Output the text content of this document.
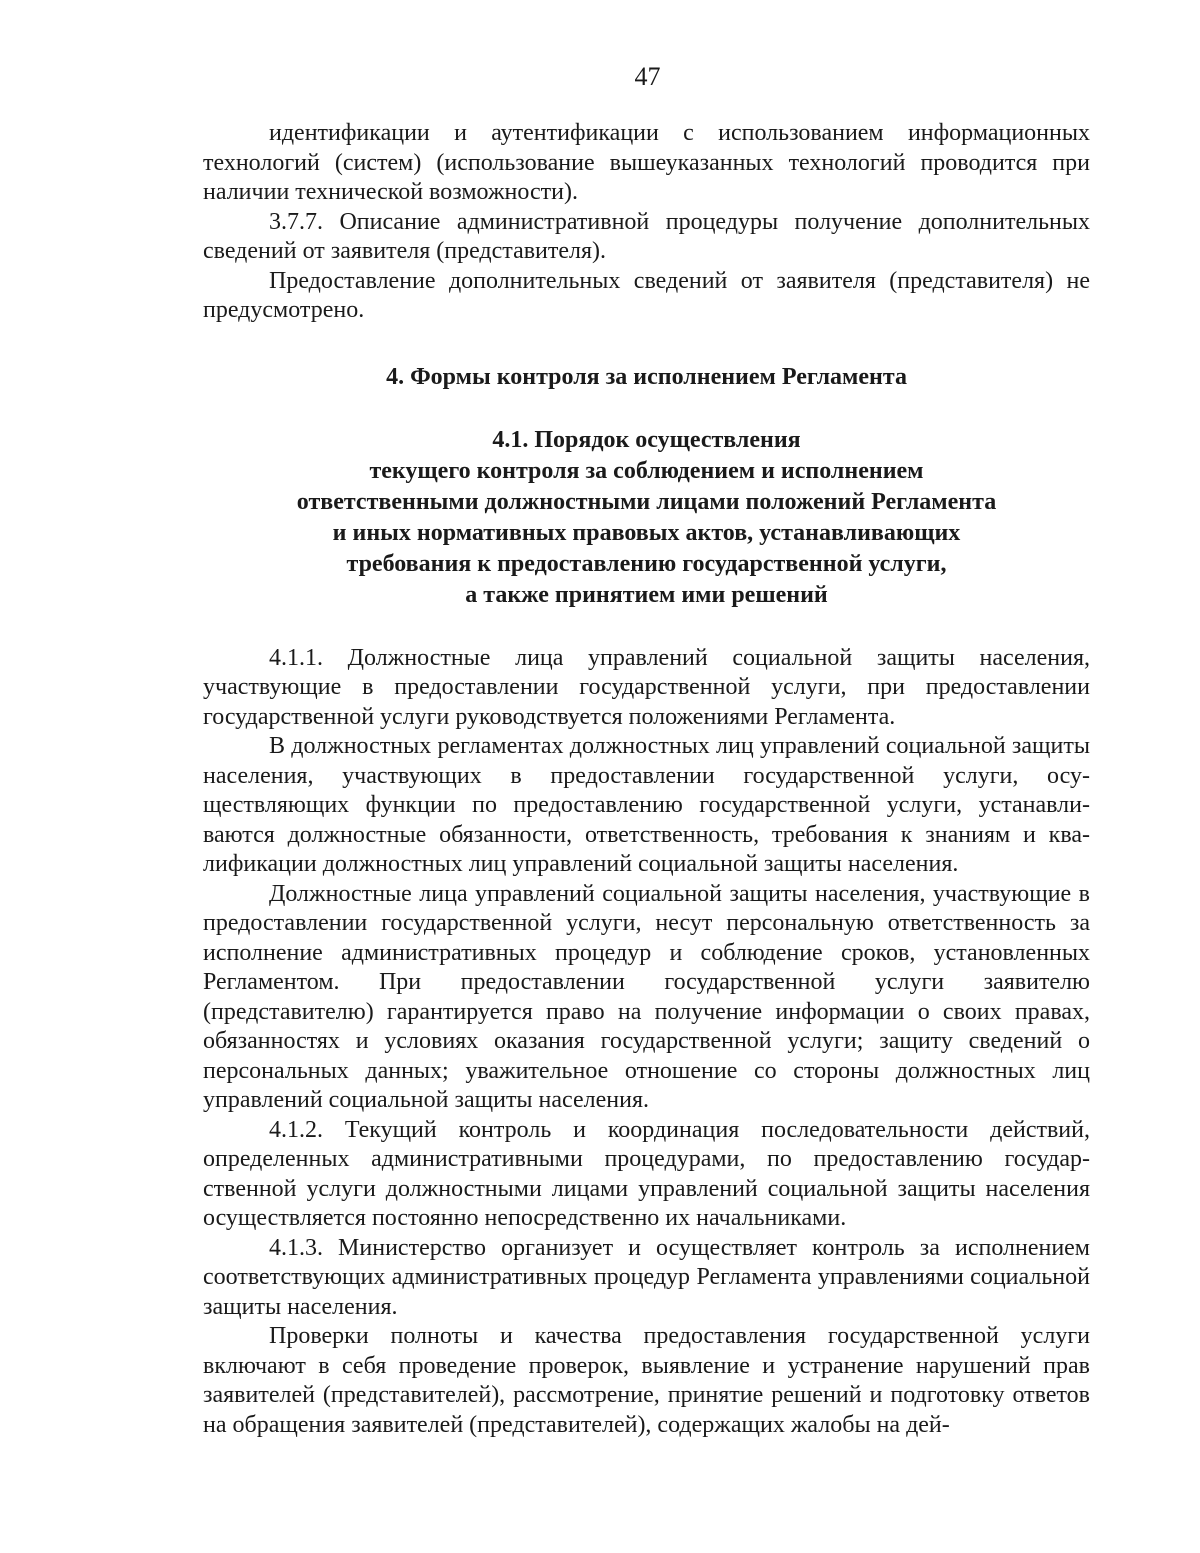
47

идентификации и аутентификации с использованием информационных технологий (систем) (использование вышеуказанных технологий проводится при наличии технической возможности).

3.7.7. Описание административной процедуры получение дополнительных сведений от заявителя (представителя).

Предоставление дополнительных сведений от заявителя (представителя) не предусмотрено.

4. Формы контроля за исполнением Регламента
4.1. Порядок осуществления
текущего контроля за соблюдением и исполнением
ответственными должностными лицами положений Регламента
и иных нормативных правовых актов, устанавливающих
требования к предоставлению государственной услуги,
а также принятием ими решений

4.1.1. Должностные лица управлений социальной защиты населения, участвующие в предоставлении государственной услуги, при предоставлении государственной услуги руководствуется положениями Регламента.

В должностных регламентах должностных лиц управлений социальной защиты населения, участвующих в предоставлении государственной услуги, осуществляющих функции по предоставлению государственной услуги, устанавливаются должностные обязанности, ответственность, требования к знаниям и квалификации должностных лиц управлений социальной защиты населения.

Должностные лица управлений социальной защиты населения, участвующие в предоставлении государственной услуги, несут персональную ответственность за исполнение административных процедур и соблюдение сроков, установленных Регламентом. При предоставлении государственной услуги заявителю (представителю) гарантируется право на получение информации о своих правах, обязанностях и условиях оказания государственной услуги; защиту сведений о персональных данных; уважительное отношение со стороны должностных лиц управлений социальной защиты населения.

4.1.2. Текущий контроль и координация последовательности действий, определенных административными процедурами, по предоставлению государственной услуги должностными лицами управлений социальной защиты населения осуществляется постоянно непосредственно их начальниками.

4.1.3. Министерство организует и осуществляет контроль за исполнением соответствующих административных процедур Регламента управлениями социальной защиты населения.

Проверки полноты и качества предоставления государственной услуги включают в себя проведение проверок, выявление и устранение нарушений прав заявителей (представителей), рассмотрение, принятие решений и подготовку ответов на обращения заявителей (представителей), содержащих жалобы на дей-
